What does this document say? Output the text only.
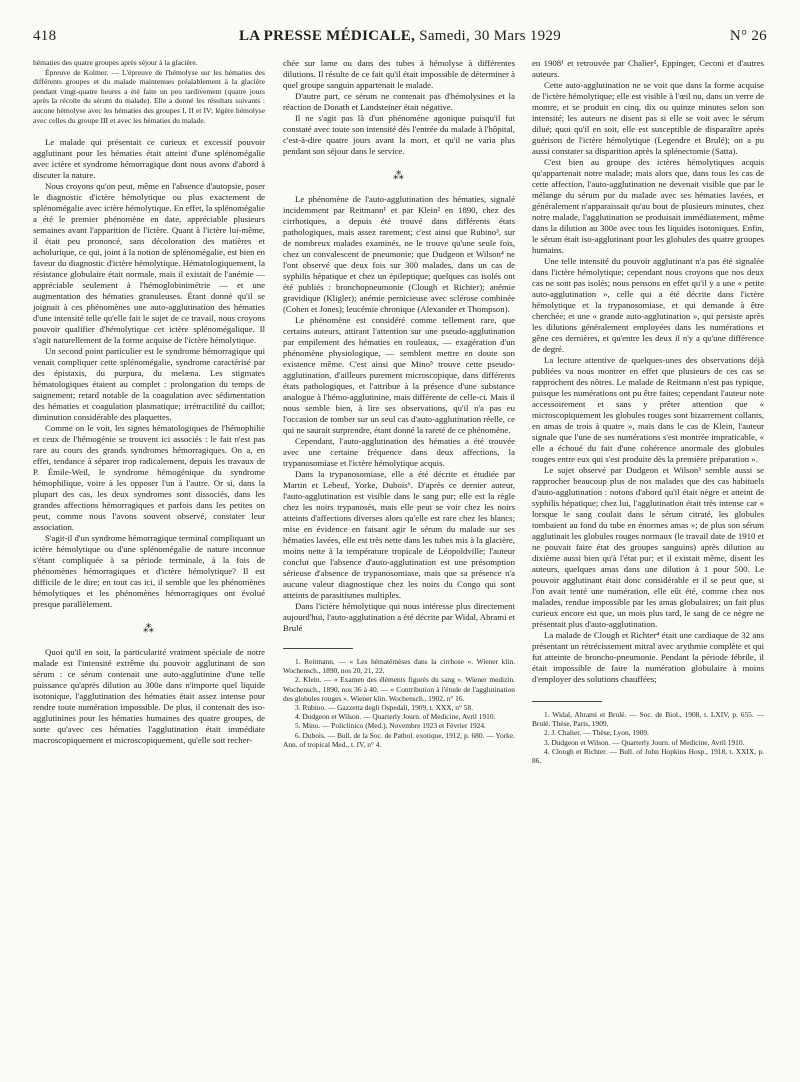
418	LA PRESSE MÉDICALE, Samedi, 30 Mars 1929	N° 26

hématies des quatre groupes après séjour à la glacière.

Épreuve de Kolmer. — L'épreuve de l'hémolyse sur les hématies des différents groupes et du malade maintenues préalablement à la glacière pendant vingt-quatre heures a été faite un peu tardivement (quatre jours après la récolte du sérum du malade). Elle a donné les résultats suivants : aucune hémolyse avec les hématies des groupes I, II et IV; légère hémolyse avec celles du groupe III et avec les hématies du malade.

Le malade qui présentait ce curieux et excessif pouvoir agglutinant pour les hématies était atteint d'une splénomégalie avec ictère et syndrome hémorragique dont nous avons d'abord à discuter la nature.

Nous croyons qu'on peut, même en l'absence d'autopsie, poser le diagnostic d'ictère hémolytique ou plus exactement de splénomégalie avec ictère hémolytique. En effet, la splénomégalie a été le premier phénomène en date, appréciable plusieurs semaines avant l'apparition de l'ictère. Quant à l'ictère lui-même, il était peu prononcé, sans décoloration des matières et acholurique, ce qui, joint à la notion de splénomégalie, est bien en faveur du diagnostic d'ictère hémolytique. Hématologiquement, la résistance globulaire était normale, mais il existait de l'anémie — appréciable seulement à l'hémoglobinimétrie — et une augmentation des hématies granuleuses. Étant donné qu'il se joignait à ces phénomènes une auto-agglutination des hématies d'une intensité telle qu'elle fait le sujet de ce travail, nous croyons pouvoir qualifier d'hémolytique cet ictère splénomégalique. Il s'agit naturellement de la forme acquise de l'ictère hémolytique.

Un second point particulier est le syndrome hémorragique qui venait compliquer cette splénomégalie, syndrome caractérisé par des épistaxis, du purpura, du melæna. Les stigmates hématologiques étaient au complet : prolongation du temps de saignement; retard notable de la coagulation avec sédimentation des hématies et coagulation plasmatique; irrétractilité du caillot; diminution considérable des plaquettes.

Comme on le voit, les signes hématologiques de l'hémophilie et ceux de l'hémogénie se trouvent ici associés : le fait n'est pas rare au cours des grands syndromes hémorragiques. On a, en effet, tendance à séparer trop radicalement, depuis les travaux de P. Émile-Weil, le syndrome hémogénique du syndrome hémophilique, voire à les opposer l'un à l'autre. Or si, dans la plupart des cas, les deux syndromes sont dissociés, dans les grandes affections hémorragiques et parfois dans les petites on peut, comme nous l'avons souvent observé, constater leur association.

S'agit-il d'un syndrome hémorragique terminal compliquant un ictère hémolytique ou d'une splénomégalie de nature inconnue s'étant compliquée à sa période terminale, à la fois de phénomènes hémorragiques et d'ictère hémolytique? Il est difficile de le dire; en tout cas ici, il semble que les phénomènes hémolytiques et les phénomènes hémorragiques ont évolué presque parallèlement.

⁂

Quoi qu'il en soit, la particularité vraiment spéciale de notre malade est l'intensité extrême du pouvoir agglutinant de son sérum : ce sérum contenait une auto-agglutinine d'une telle puissance qu'après dilution au 300e dans n'importe quel liquide isotonique, l'agglutination des hématies était assez intense pour rendre toute numération impossible. De plus, il contenait des iso-agglutinines pour les hématies humaines des quatre groupes, de sorte qu'avec ces hématies l'agglutination était immédiate macroscopiquement et microscopiquement, qu'elle soit recher-

chée sur lame ou dans des tubes à hémolyse à différentes dilutions. Il résulte de ce fait qu'il était impossible de déterminer à quel groupe sanguin appartenait le malade.

D'autre part, ce sérum ne contenait pas d'hémolysines et la réaction de Donath et Landsteiner était négative.

Il ne s'agit pas là d'un phénomène agonique puisqu'il fut constaté avec toute son intensité dès l'entrée du malade à l'hôpital, c'est-à-dire quatre jours avant la mort, et qu'il ne varia plus pendant son séjour dans le service.

⁂

Le phénomène de l'auto-agglutination des hématies, signalé incidemment par Reitmann¹ et par Klein² en 1890, chez des cirrhotiques, a depuis été trouvé dans différents états pathologiques, mais assez rarement; c'est ainsi que Rubino³, sur de nombreux malades examinés, ne le trouve qu'une seule fois, chez un convalescent de pneumonie; que Dudgeon et Wilson⁴ ne l'ont observé que deux fois sur 300 malades, dans un cas de syphilis hépatique et chez un épileptique; quelques cas isolés ont été publiés : bronchopneumonie (Clough et Richter); anémie gravidique (Kligler); anémie pernicieuse avec sclérose combinée (Cohen et Jones); leucémie chronique (Alexander et Thompson).

Le phénomène est considéré comme tellement rare, que certains auteurs, attirant l'attention sur une pseudo-agglutination par empilement des hématies en rouleaux, — exagération d'un phénomène physiologique, — semblent mettre en doute son existence même. C'est ainsi que Mino⁵ trouve cette pseudo-agglutination, d'ailleurs purement microscopique, dans différents états pathologiques, et l'attribue à la présence d'une substance analogue à l'hémo-agglutinine, mais différente de celle-ci. Mais il nous semble bien, à lire ses observations, qu'il n'a pas eu l'occasion de tomber sur un seul cas d'auto-agglutination réelle, ce qui ne saurait surprendre, étant donné la rareté de ce phénomène.

Cependant, l'auto-agglutination des hématies a été trouvée avec une certaine fréquence dans deux affections, la trypanosomiase et l'ictère hémolytique acquis.

Dans la trypanosomiase, elle a été décrite et étudiée par Martin et Lebeuf, Yorke, Dubois⁶. D'après ce dernier auteur, l'auto-agglutination est visible dans le sang pur; elle est la règle chez les noirs trypanosés, mais elle peut se voir chez les noirs atteints d'affections diverses alors qu'elle est rare chez les blancs; mise en évidence en faisant agir le sérum du malade sur ses hématies lavées, elle est très nette dans les tubes mis à la glacière, moins nette à la température tropicale de Léopoldville; l'auteur conclut que l'absence d'auto-agglutination est une présomption sérieuse d'absence de trypanosomiase, mais que sa présence n'a aucune valeur diagnostique chez les noirs du Congo qui sont atteints de parasitismes multiples.

Dans l'ictère hémolytique qui nous intéresse plus directement aujourd'hui, l'auto-agglutination a été décrite par Widal, Abrami et Brulé

1. Reitmann. — « Les hématémèses dans la cirrhose ». Wiener klin. Wochensch., 1890, nos 20, 21, 22.

2. Klein. — « Examen des éléments figurés du sang ». Wiener medizin. Wochensch., 1890, nos 36 à 40. — « Contribution à l'étude de l'agglutination des globules rouges ». Wiener klin. Wochensch., 1902, n° 16.

3. Rubino. — Gazzetta degli Ospedali, 1909, t. XXX, n° 58.

4. Dudgeon et Wilson. — Quarterly Journ. of Medicine, Avril 1910.

5. Mino. — Policlinico (Med.), Novembre 1923 et Février 1924.

6. Dubois. — Bull. de la Soc. de Pathol. exotique, 1912, p. 680. — Yorke. Ann. of tropical Med., t. IV, n° 4.

en 1908¹ et retrouvée par Chalier², Eppinger, Ceconi et d'autres auteurs.

Cette auto-agglutination ne se voit que dans la forme acquise de l'ictère hémolytique; elle est visible à l'œil nu, dans un verre de montre, et se produit en cinq, dix ou quinze minutes selon son intensité; les auteurs ne disent pas si elle se voit avec le sérum dilué; quoi qu'il en soit, elle est susceptible de disparaître après guérison de l'ictère hémolytique (Legendre et Brulé); on a pu aussi constater sa disparition après la splénectomie (Satta).

C'est bien au groupe des ictères hémolytiques acquis qu'appartenait notre malade; mais alors que, dans tous les cas de cette affection, l'auto-agglutination ne devenait visible que par le mélange du sérum pur du malade avec ses hématies lavées, et généralement n'apparaissait qu'au bout de plusieurs minutes, chez notre malade, l'agglutination se produisait immédiatement, même dans la dilution au 300e avec tous les liquides isotoniques. Enfin, le sérum était iso-agglutinant pour les globules des quatre groupes humains.

Une telle intensité du pouvoir agglutinant n'a pas été signalée dans l'ictère hémolytique; cependant nous croyons que nos deux cas ne sont pas isolés; nous pensons en effet qu'il y a une « petite auto-agglutination », celle qui a été décrite dans l'ictère hémolytique et la trypanosomiase, et qui demande à être cherchée; et une « grande auto-agglutination », qui persiste après les dilutions généralement employées dans les numérations et gêne ces dernières, et qu'entre les deux il n'y a qu'une différence de degré.

La lecture attentive de quelques-unes des observations déjà publiées va nous montrer en effet que plusieurs de ces cas se rapprochent des nôtres. Le malade de Reitmann n'est pas typique, puisque les numérations ont pu être faites; cependant l'auteur note accessoirement et sans y prêter attention que « microscopiquement les globules rouges sont bizarrement collants, en amas de trois à quatre », mais dans le cas de Klein, l'auteur signale que l'une de ses numérations s'est montrée impraticable, « elle a échoué du fait d'une cohérence anormale des globules rouges entre eux qui s'est produite dès la première préparation ».

Le sujet observé par Dudgeon et Wilson³ semble aussi se rapprocher beaucoup plus de nos malades que des cas habituels d'auto-agglutination : notons d'abord qu'il était nègre et atteint de syphilis hépatique; chez lui, l'agglutination était très intense car « lorsque le sang coulait dans le sérum citraté, les globules tombaient au fond du tube en énormes amas »; de plus son sérum agglutinait les globules rouges normaux (le travail date de 1910 et ne pouvait faire état des groupes sanguins) après dilution au dixième aussi bien qu'à l'état pur; et il existait même, disent les auteurs, quelques amas dans une dilution à 1 pour 500. Le pouvoir agglutinant était donc considérable et il se peut que, si l'on avait tenté une numération, elle eût été, comme chez nos malades, rendue impossible par les amas globulaires; un fait plus curieux encore est que, un mois plus tard, le sang de ce nègre ne présentait plus d'auto-agglutination.

La malade de Clough et Richter⁴ était une cardiaque de 32 ans présentant un rétrécissement mitral avec arythmie complète et qui fut atteinte de broncho-pneumonie. Pendant la période fébrile, il était impossible de faire la numération globulaire à moins d'employer des solutions chauffées;

1. Widal, Abrami et Brulé. — Soc. de Biol., 1908, t. LXIV, p. 655. — Brulé. Thèse, Paris, 1909.

2. J. Chalier. — Thèse, Lyon, 1909.

3. Dudgeon et Wilson. — Quarterly Journ. of Medicine, Avril 1910.

4. Clough et Richter. — Bull. of John Hopkins Hosp., 1918, t. XXIX, p. 86.
